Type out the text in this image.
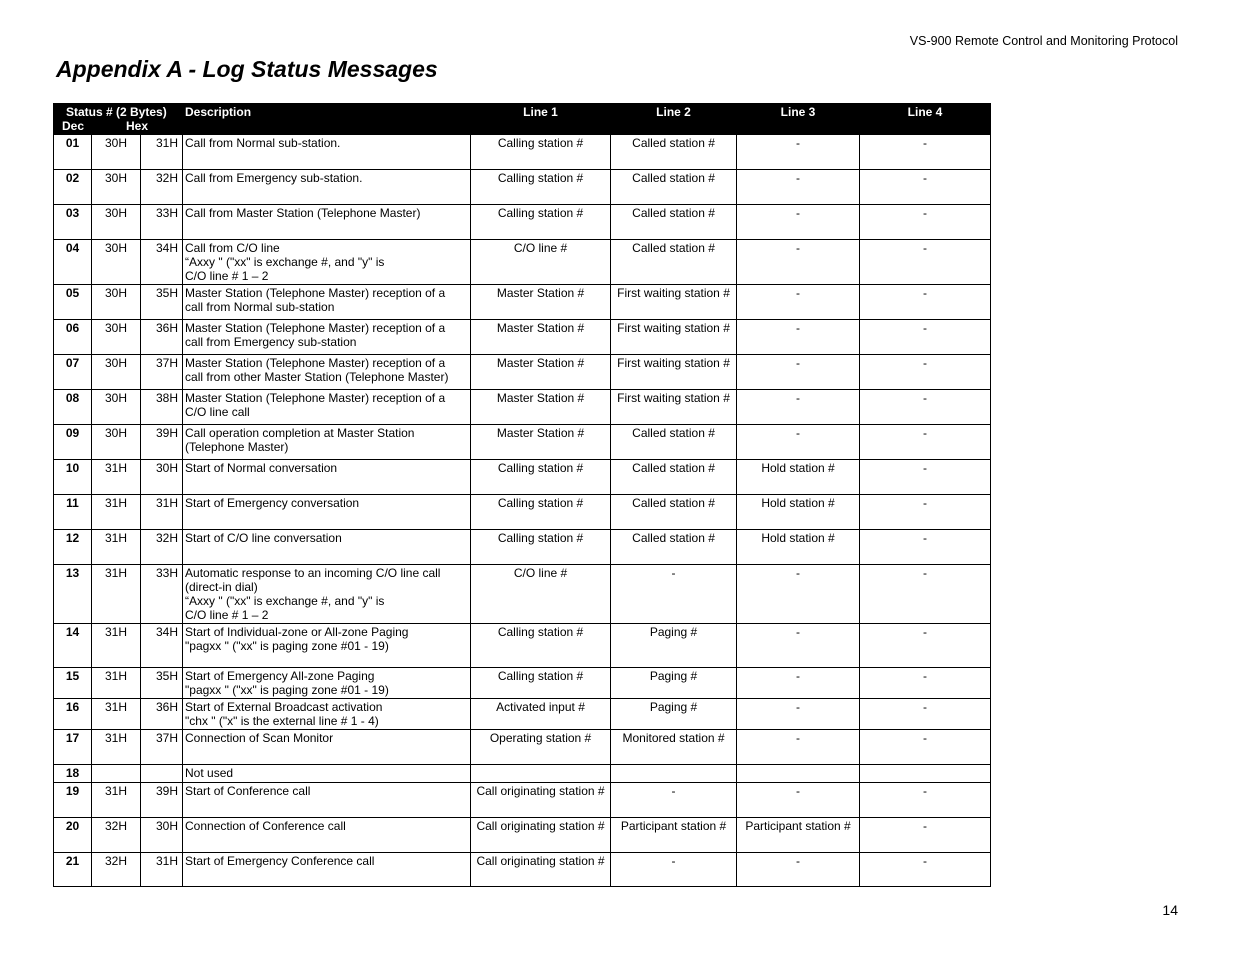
VS-900 Remote Control and Monitoring Protocol
Appendix A - Log Status Messages
Status # (2 Bytes)
Dec Hex			Description	Line 1	Line 2	Line 3	Line 4
01	30H	31H	Call from Normal sub-station.	Calling station #	Called station #	-	-
02	30H	32H	Call from Emergency sub-station.	Calling station #	Called station #	-	-
03	30H	33H	Call from Master Station (Telephone Master)	Calling station #	Called station #	-	-
04	30H	34H	Call from C/O line
“Axxy " ("xx" is exchange #, and "y" is
C/O line # 1 – 2	C/O line #	Called station #	-	-
05	30H	35H	Master Station (Telephone Master) reception of a
call from Normal sub-station	Master Station #	First waiting station #	-	-
06	30H	36H	Master Station (Telephone Master) reception of a
call from Emergency sub-station	Master Station #	First waiting station #	-	-
07	30H	37H	Master Station (Telephone Master) reception of a
call from other Master Station (Telephone Master)	Master Station #	First waiting station #	-	-
08	30H	38H	Master Station (Telephone Master) reception of a
C/O line call	Master Station #	First waiting station #	-	-
09	30H	39H	Call operation completion at Master Station
(Telephone Master)	Master Station #	Called station #	-	-
10	31H	30H	Start of Normal conversation	Calling station #	Called station #	Hold station #	-
11	31H	31H	Start of Emergency conversation	Calling station #	Called station #	Hold station #	-
12	31H	32H	Start of C/O line conversation	Calling station #	Called station #	Hold station #	-
13	31H	33H	Automatic response to an incoming C/O line call
(direct-in dial)
“Axxy " ("xx" is exchange #, and "y" is
C/O line # 1 – 2	C/O line #	-	-	-
14	31H	34H	Start of Individual-zone or All-zone Paging
"pagxx " ("xx" is paging zone #01 - 19)	Calling station #	Paging #	-	-
15	31H	35H	Start of Emergency All-zone Paging
"pagxx " ("xx" is paging zone #01 - 19)	Calling station #	Paging #	-	-
16	31H	36H	Start of External Broadcast activation
"chx " ("x" is the external line # 1 - 4)	Activated input #	Paging #	-	-
17	31H	37H	Connection of Scan Monitor	Operating station #	Monitored station #	-	-
18			Not used				

19	31H	39H	Start of Conference call	Call originating station #	-	-	-
20	32H	30H	Connection of Conference call	Call originating station #	Participant station #	Participant station #	-
21	32H	31H	Start of Emergency Conference call	Call originating station #	-	-	-
14
